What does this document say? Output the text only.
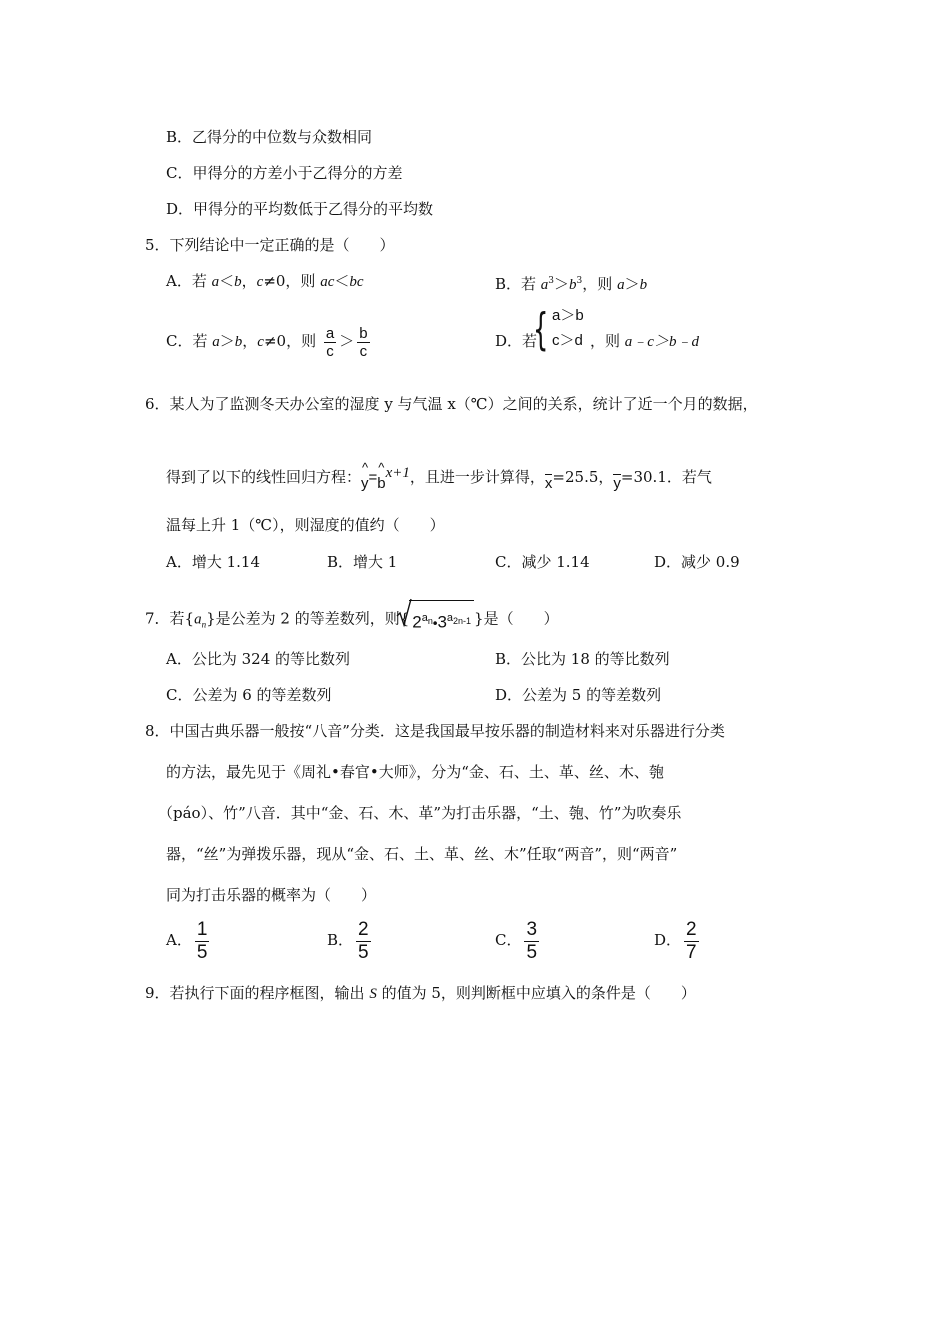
B．乙得分的中位数与众数相同
C．甲得分的方差小于乙得分的方差
D．甲得分的平均数低于乙得分的平均数
5．下列结论中一定正确的是（　　）
A．若 a＜b，c≠0，则 ac＜bc	B．若 $a^3>b^3$，则 a＞b
C．若 a＞b，c≠0，则 $\frac{a}{c} > \frac{b}{c}$	D．若
{ a＞b
c＞d ，则 a﹣c＞b﹣d
6．某人为了监测冬天办公室的湿度 y 与气温 x（℃）之间的关系，统计了近一个月的数据，
得到了以下的线性回归方程：^ y=^ bx+1，且进一步计算得，x=25.5，y=30.1．若气
温每上升 1（℃），则湿度的值约（　　）
A．增大 1.14	B．增大 1	C．减少 1.14	D．减少 0.9
7．若$\{a_n\}$是公差为 2 的等差数列，则{ $2^{a_n}•3^{a_{2n-1}}$ }是（　　）
A．公比为 324 的等比数列	B．公比为 18 的等比数列
C．公差为 6 的等差数列	D．公差为 5 的等差数列
8．中国古典乐器一般按“八音”分类．这是我国最早按乐器的制造材料来对乐器进行分类
的方法，最先见于《周礼•春官•大师》，分为“金、石、土、革、丝、木、匏
（páo）、竹”八音．其中“金、石、木、革”为打击乐器，“土、匏、竹”为吹奏乐
器，“丝”为弹拨乐器，现从“金、石、土、革、丝、木”任取“两音”，则“两音”
同为打击乐器的概率为（　　）
A． $\frac{1}{5}$	B． $\frac{2}{5}$	C． $\frac{3}{5}$	D． $\frac{2}{7}$
9．若执行下面的程序框图，输出 S 的值为 5，则判断框中应填入的条件是（　　）
